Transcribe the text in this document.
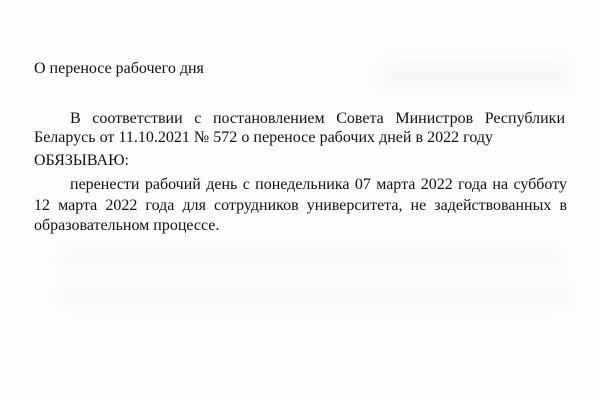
О переносе рабочего дня
В соответствии с постановлением Совета Министров Республики
Беларусь от 11.10.2021 № 572 о переносе рабочих дней в 2022 году
ОБЯЗЫВАЮ:
перенести рабочий день с понедельника 07 марта 2022 года на субботу
12 марта 2022 года для сотрудников университета, не задействованных в
образовательном процессе.
